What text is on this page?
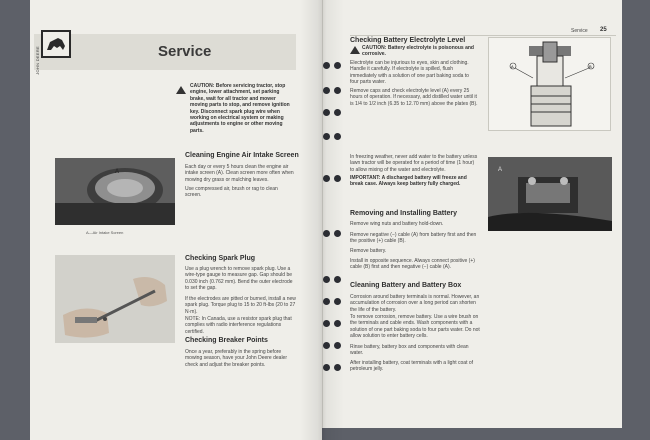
JOHN DEERE	Service
CAUTION: Before servicing tractor, stop engine, lower attachment, set parking brake, wait for all tractor and mower moving parts to stop, and remove ignition key. Disconnect spark plug wire when working on electrical system or making adjustments to engine or other moving parts.
A
A—Air Intake Screen
Cleaning Engine Air Intake Screen
Each day or every 5 hours clean the engine air intake screen (A). Clean screen more often when mowing dry grass or mulching leaves.
Use compressed air, brush or rag to clean screen.
Checking Spark Plug
Use a plug wrench to remove spark plug. Use a wire-type gauge to measure gap. Gap should be 0.030 inch (0.762 mm). Bend the outer electrode to set the gap.
If the electrodes are pitted or burned, install a new spark plug. Torque plug to 15 to 20 ft-lbs (20 to 27 N·m).
NOTE: In Canada, use a resistor spark plug that complies with radio interference regulations certified.
Checking Breaker Points
Once a year, preferably in the spring before mowing season, have your John Deere dealer check and adjust the breaker points.
Service 25
Checking Battery Electrolyte Level
CAUTION: Battery electrolyte is poisonous and corrosive.
Electrolyte can be injurious to eyes, skin and clothing. Handle it carefully. If electrolyte is spilled, flush immediately with a solution of one part baking soda to four parts water.
Remove caps and check electrolyte level (A) every 25 hours of operation. If necessary, add distilled water until it is 1/4 to 1/2 inch (6.35 to 12.70 mm) above the plates (B).
A	B
A
In freezing weather, never add water to the battery unless lawn tractor will be operated for a period of time (1 hour) to allow mixing of the water and electrolyte.
IMPORTANT: A discharged battery will freeze and break case. Always keep battery fully charged.
Removing and Installing Battery
Remove wing nuts and battery hold-down.
Remove negative (−) cable (A) from battery first and then the positive (+) cable (B).
Remove battery.
Install in opposite sequence. Always connect positive (+) cable (B) first and then negative (−) cable (A).
Cleaning Battery and Battery Box
Corrosion around battery terminals is normal. However, an accumulation of corrosion over a long period can shorten the life of the battery.
To remove corrosion, remove battery. Use a wire brush on the terminals and cable ends. Wash components with a solution of one part baking soda to four parts water. Do not allow solution to enter battery cells.
Rinse battery, battery box and components with clean water.
After installing battery, coat terminals with a light coat of petroleum jelly.
